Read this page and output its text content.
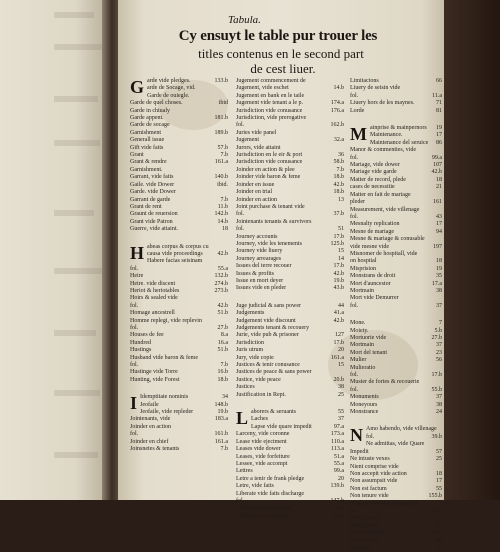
Tabula.
Cy ensuyt le table pur trouer les
titles contenus en le second part
de cest liuer.
G arde vide pledges.	133.b
arde de Socage, vid.
Garde de ouiegle.
Garde de quel choses.	ibid
Garde in chiualy
Garde appent.	181.b
Garde de socage
Garnishment	189.b
Generall issue
Gift vide faits	57.b
Grant	7.b
Grant & rendre	161.a
Garnishment.
Garrant, vide faits	140.b
Gaile. vide Dower	ibid.
Garde. vide Dower
Garrant de garde	7.b
Grant de rent	11.b
Graunt de reuersion	142.b
Grant vide Patron	14.b
Guerre, vide attaint.	18
H abeas corpus & corpus cu
causa vide proceedings	42.b
Habere facias seisinam
fol.	55.a
Heire	132.b
Heire. vide discent	274.b
Heriot & heriotables	273.b
Hoirs & sealed vide
fol.	42.b
Homage ancestrell	51.b
Homme replegi, vide replevin
fol.	27.b
Houses de fee	8.a
Hundred	16.a
Hustings	51.b
Husband vide baron & feme
fol.	7.b
Hustinge vide Torre	16.b
Hunting, vide Forest	18.b
I Idemptitate nominis	34
Jeofaile	148.b
Jeofaile, vide repleder	19.b
Jointenants, vide	183.a
Joinder en action
fol.	161.b
Joinder en chief	161.a
Joinsnetes & tenants	7.b
Jugement commencement de
Jugement, vide eschet	14.b
Jugement en bank en le taile
Jugement vide tenant a le p.	174.a
Jurisdiction vide conusance	176.a
Jurisdiction, vide prerogative
fol.	162.b
Juries vide panel
Jugement	32.a
Jurors, vide attaint
Jurisdiction en le eir & port	36
Jurisdiction vide conusance	58.b
Joinder en action & plee	7.b
Joinder vide baron & feme	18.b
Joinder en issue	42.b
Joinder en trial	18.b
Joinder en action	13
Joint purchase & tenant vide
fol.	37.b
Jointenants tenants & survivors
fol.	51
Journey accounts	17.b
Journey, vide les tenements	125.b
Journey vide liuery	15
Journey arrearages	14
Issues del terre recouer	17.b
Issues & profits	42.b
Issue en mort deyer	19.b
Issues vide en pleder	43.b
Juge judicial & sans power	44
Judgements	41.a
Judgement vide discount	42.b
Judgements tenant & recouery
Jurie, vide pub & prisoner	127
Jurisdiction	17.b
Juris utrum	20
Jury, vide copie	161.a
Justices & tenir conusance	15
Justices de peace & sans power
Justice, vide peace	20.b
Justices	38
Justification in Rept.	25
L aborers & seruants	55
Laches	37
Lapse vide quare impedit	97.a
Larceny, vide coronne	173.a
Lease vide ejectment	110.a
Leases vide dower	113.a
Leases, vide forfeiture	51.a
Lessee, vide accompt	55.a
Lettres	99.a
Letre a tenir de frank pledge	20
Letre, vide faits	139.b
Liberate vide faits discharge
fol.	147.b
Liberate probanda vide	18.b
Liberties & franchises	18.a
Limitacions	66
Liuery de seisin vide
fol.	11.a
Liuery hors de les maynes.	71
Lorde	81
M ainprise & mainpernors	19
Maintenance.	17
Maintenance del seruice	86
Manor & commenties, vide
fol.	99.a
Mariage, vide dower	107
Mariage vide garde	42.b
Matter de record, plede	18
cases de necessitie	21
Matter en fait de mariage
pleder	161
Measurement, vide villenage
fol.	43
Mesnalty replication	17
Mesne de mariage	94
Mesne & mariage & conusable
vide mesne vide	197
Misnomer de hospitall, vide
on hospital	18
Misprision	19
Monstrans de droit	35
Mort d'auncestor	17.a
Mortmain	38
Mort vide Demurrer
fol.	37
Mone.	7
Moiety.	5.b
Mortuorie vide	27.b
Mortmain	37
Mort del tenant	23
Mulier	56
Mulieratio
fol.	17.b
Muster de fortes & recouerie
fol.	55.b
Monuments	37
Moneyours	38
Monstrance	24
N Amo habendo, vide villenage
fol.	39.b
Ne admittas, vide Quare
Impedit	57
Ne iniuste vexes	25
Nient comprise vide
Non accepit vide action	18
Non assumpsit vide	17
Non est factum	55
Non tenure vide	155.b
Nonsuit vide discontinuance
fol.	183
Notice, vide	12
Nient dedire	35
Nient culpable	21.b
Nuper obiit	36
Nusance	33
